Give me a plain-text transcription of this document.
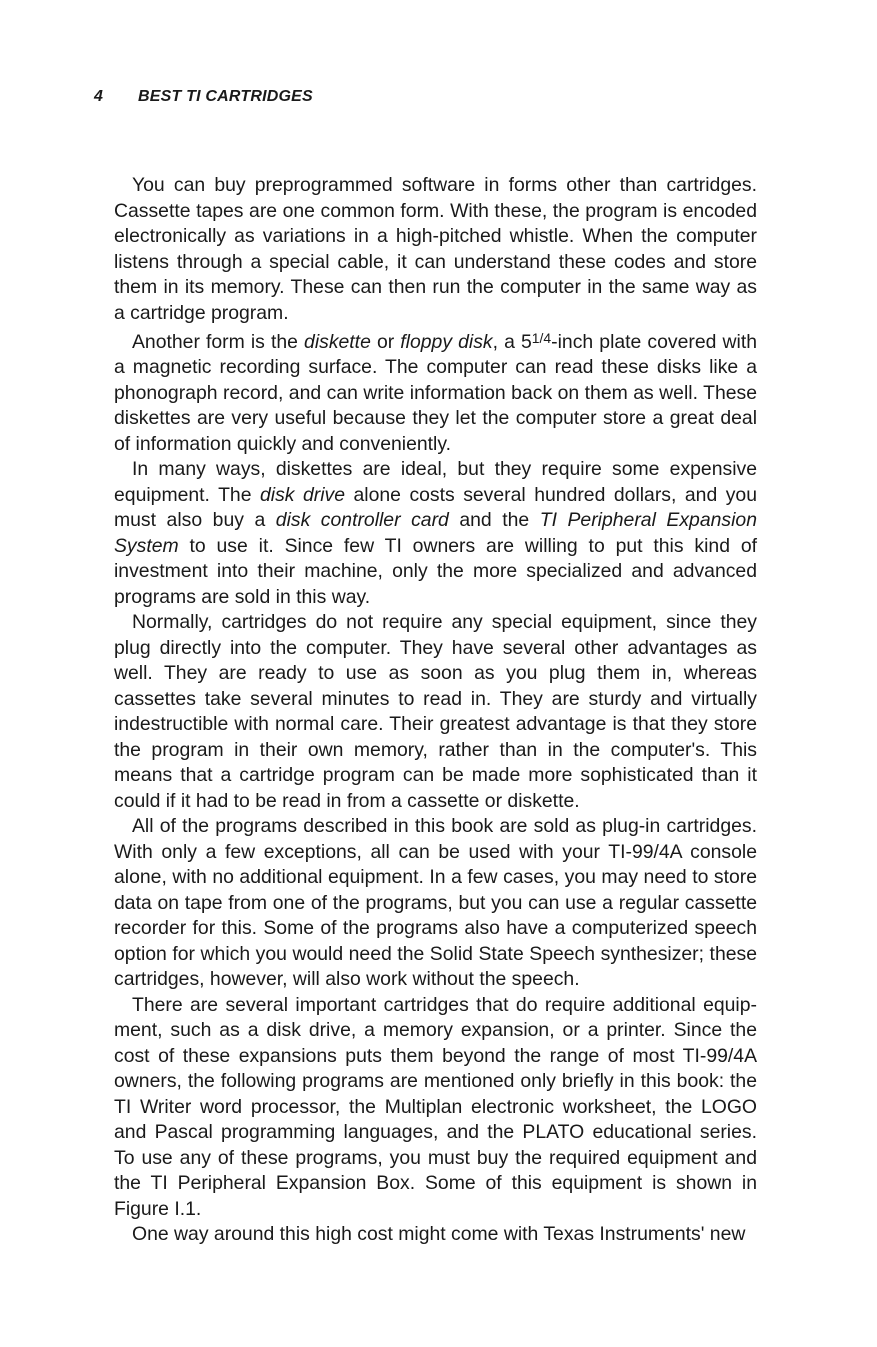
4 BEST TI CARTRIDGES

You can buy preprogrammed software in forms other than cartridges. Cassette tapes are one common form. With these, the program is encoded electronically as variations in a high-pitched whistle. When the computer listens through a special cable, it can understand these codes and store them in its memory. These can then run the computer in the same way as a cartridge program.

Another form is the diskette or floppy disk, a $5^{1/4}$-inch plate covered with a magnetic recording surface. The computer can read these disks like a phonograph record, and can write information back on them as well. These diskettes are very useful because they let the computer store a great deal of information quickly and conveniently.

In many ways, diskettes are ideal, but they require some expensive equipment. The disk drive alone costs several hundred dollars, and you must also buy a disk controller card and the TI Peripheral Expansion System to use it. Since few TI owners are willing to put this kind of investment into their machine, only the more specialized and advanced programs are sold in this way.

Normally, cartridges do not require any special equipment, since they plug directly into the computer. They have several other advantages as well. They are ready to use as soon as you plug them in, whereas cassettes take several minutes to read in. They are sturdy and virtually indestructible with normal care. Their greatest advantage is that they store the program in their own memory, rather than in the computer's. This means that a cartridge program can be made more sophisticated than it could if it had to be read in from a cassette or diskette.

All of the programs described in this book are sold as plug-in cartridges. With only a few exceptions, all can be used with your TI-99/4A console alone, with no additional equipment. In a few cases, you may need to store data on tape from one of the programs, but you can use a regular cassette recorder for this. Some of the programs also have a computerized speech option for which you would need the Solid State Speech synthesizer; these cartridges, however, will also work without the speech.

There are several important cartridges that do require additional equipment, such as a disk drive, a memory expansion, or a printer. Since the cost of these expansions puts them beyond the range of most TI-99/4A owners, the following programs are mentioned only briefly in this book: the TI Writer word processor, the Multiplan electronic worksheet, the LOGO and Pascal programming languages, and the PLATO educational series. To use any of these programs, you must buy the required equipment and the TI Peripheral Expansion Box. Some of this equipment is shown in Figure I.1.

One way around this high cost might come with Texas Instruments' new
